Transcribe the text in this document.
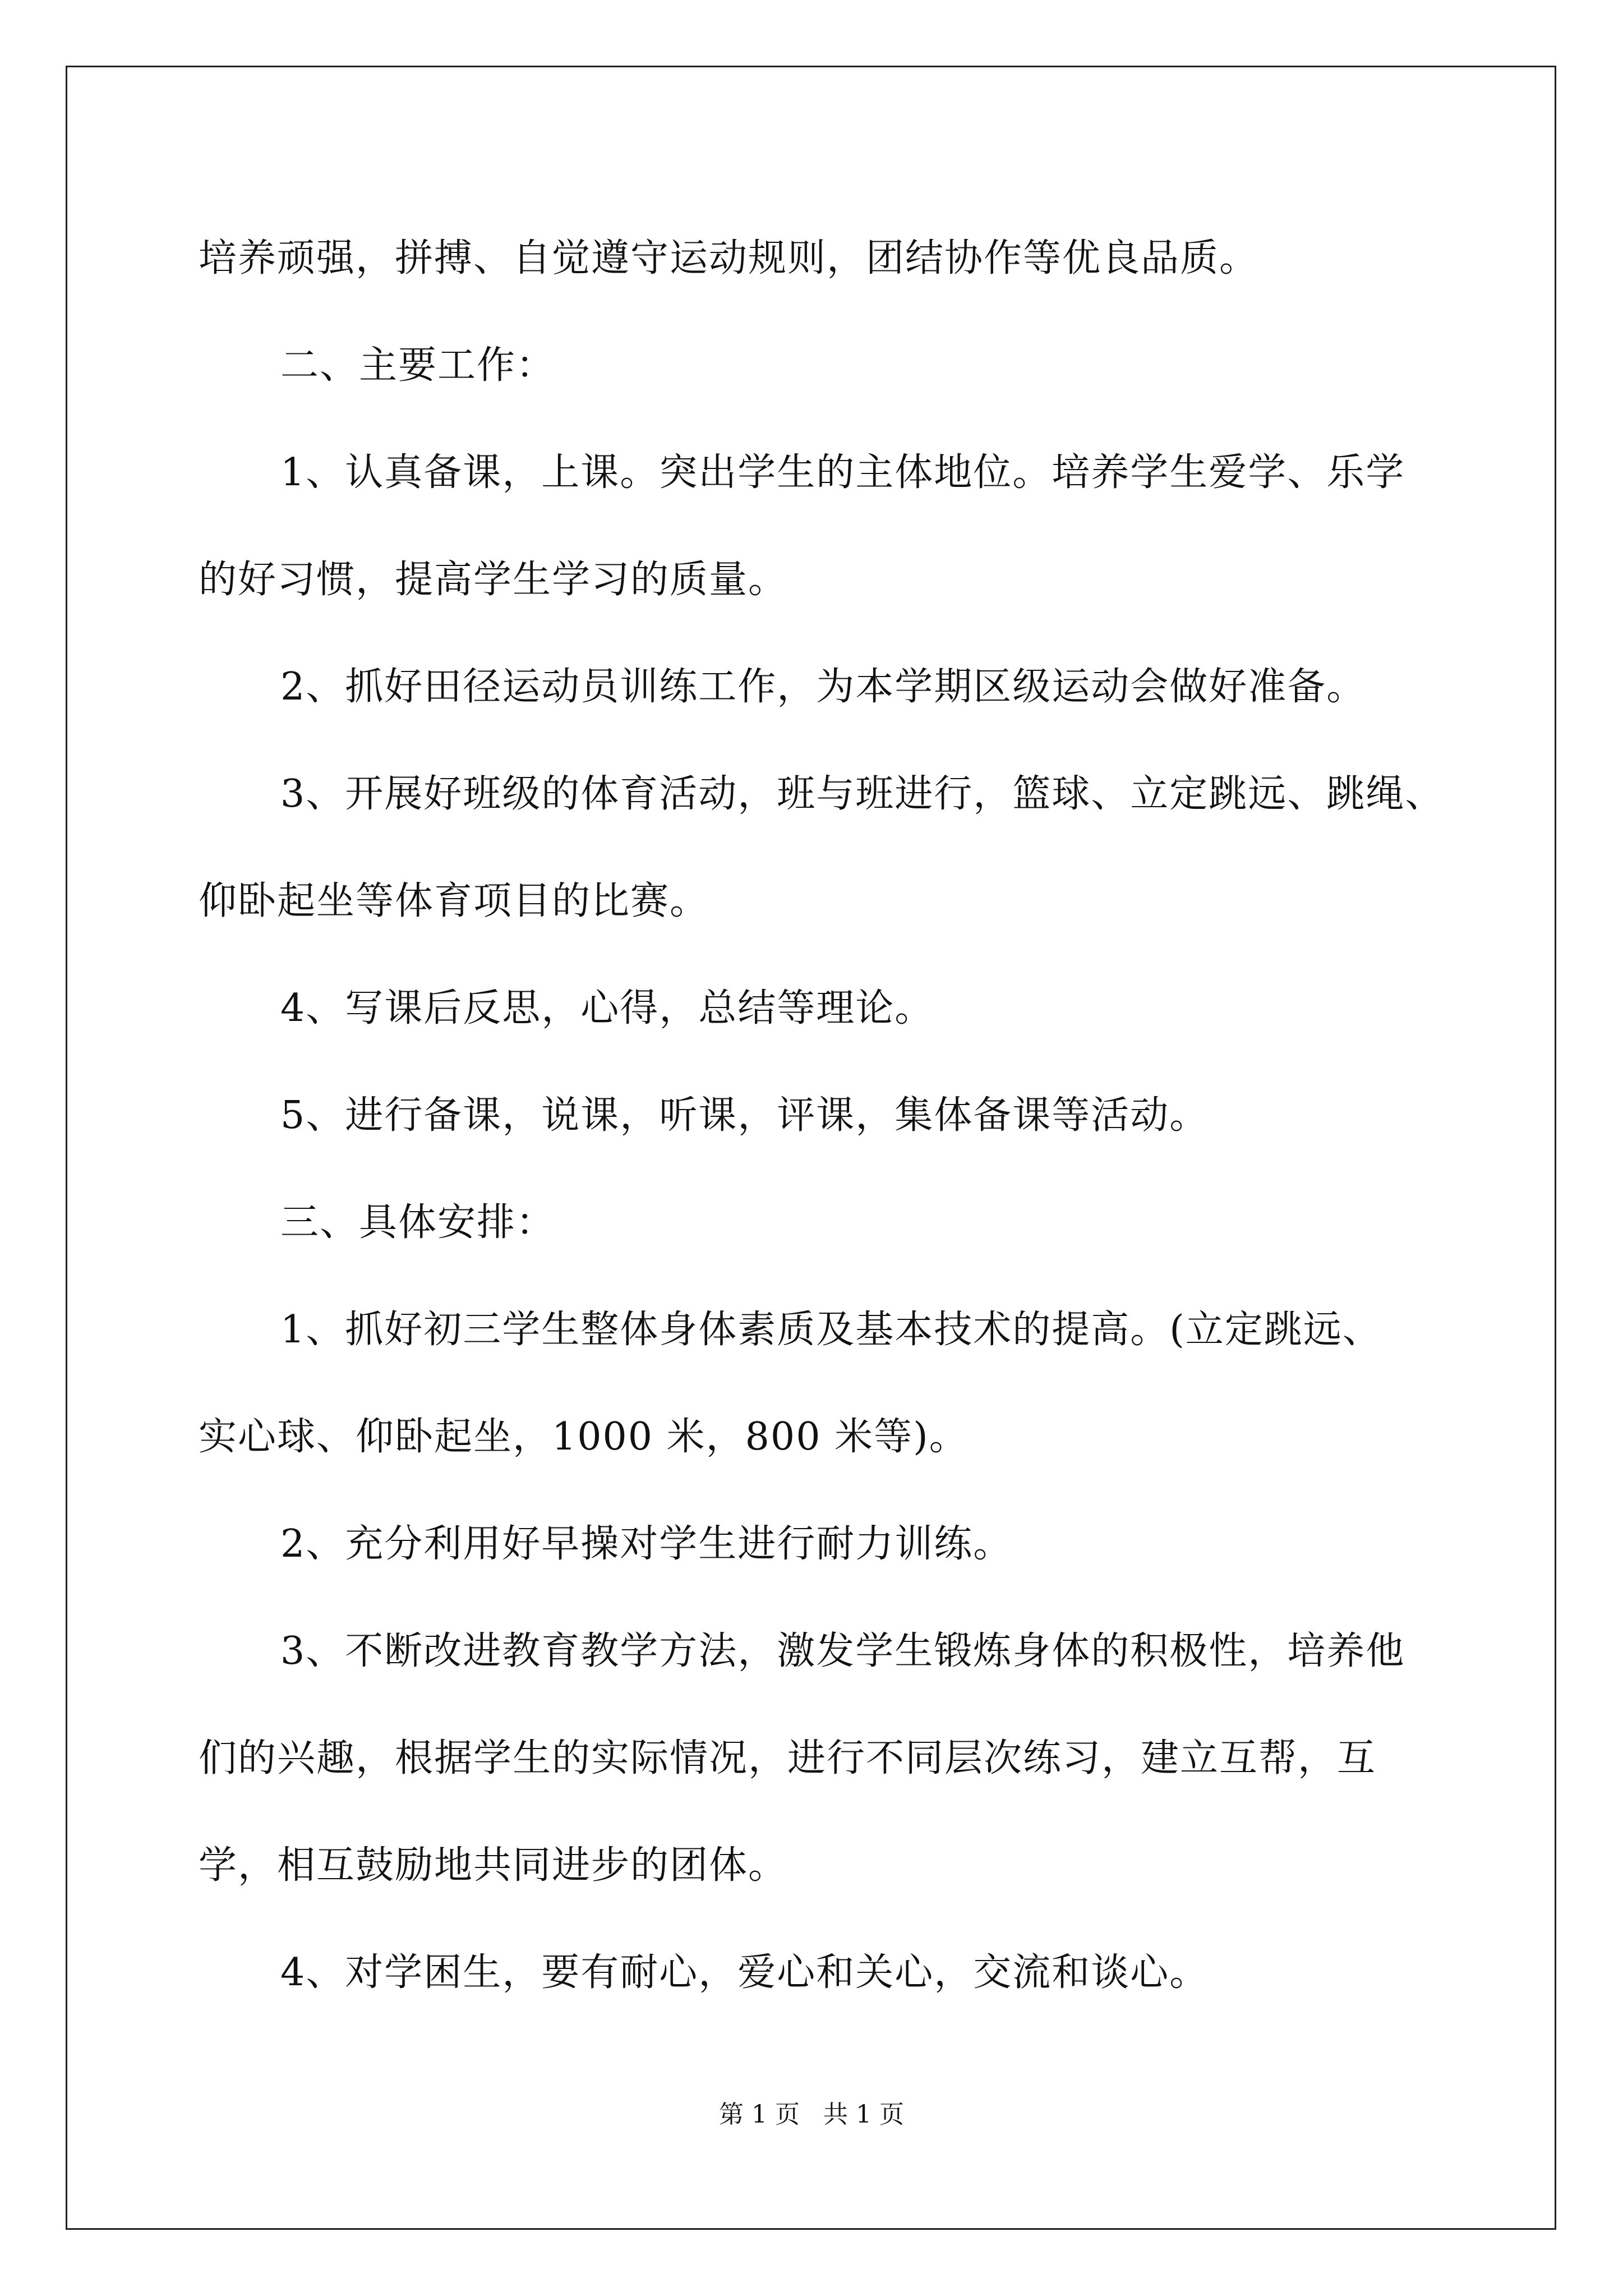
培养顽强，拼搏、自觉遵守运动规则，团结协作等优良品质。
二、主要工作：
1、认真备课，上课。突出学生的主体地位。培养学生爱学、乐学
的好习惯，提高学生学习的质量。
2、抓好田径运动员训练工作，为本学期区级运动会做好准备。
3、开展好班级的体育活动，班与班进行，篮球、立定跳远、跳绳、
仰卧起坐等体育项目的比赛。
4、写课后反思，心得，总结等理论。
5、进行备课，说课，听课，评课，集体备课等活动。
三、具体安排：
1、抓好初三学生整体身体素质及基本技术的提高。(立定跳远、
实心球、仰卧起坐，1000 米，800 米等)。
2、充分利用好早操对学生进行耐力训练。
3、不断改进教育教学方法，激发学生锻炼身体的积极性，培养他
们的兴趣，根据学生的实际情况，进行不同层次练习，建立互帮，互
学，相互鼓励地共同进步的团体。
4、对学困生，要有耐心，爱心和关心，交流和谈心。
第 1 页 共 1 页
